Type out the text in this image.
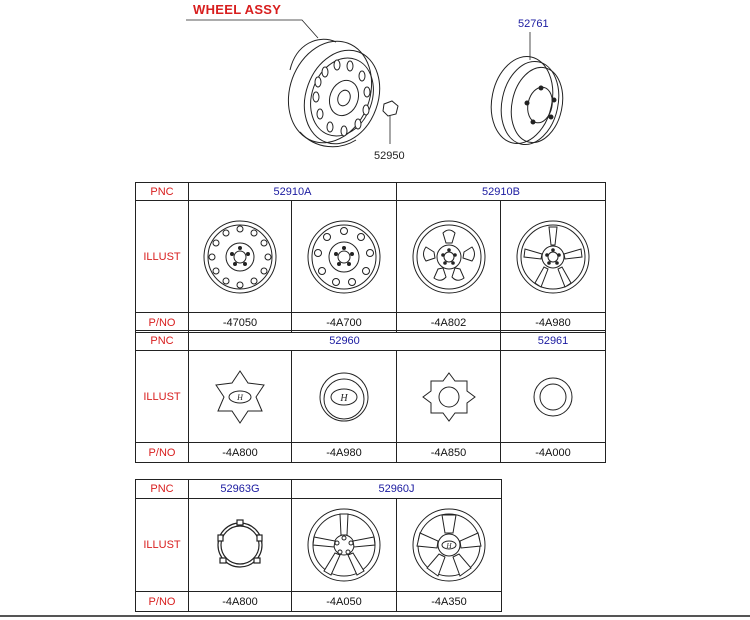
WHEEL ASSY
52761
52950
PNC	52910A		52910B	
ILLUST	

P/NO	-47050	-4A700	-4A802	-4A980
PNC	52960			52961
ILLUST	H	H

P/NO	-4A800	-4A980	-4A850	-4A000
PNC	52963G	52960J	
ILLUST			H

P/NO	-4A800	-4A050	-4A350
